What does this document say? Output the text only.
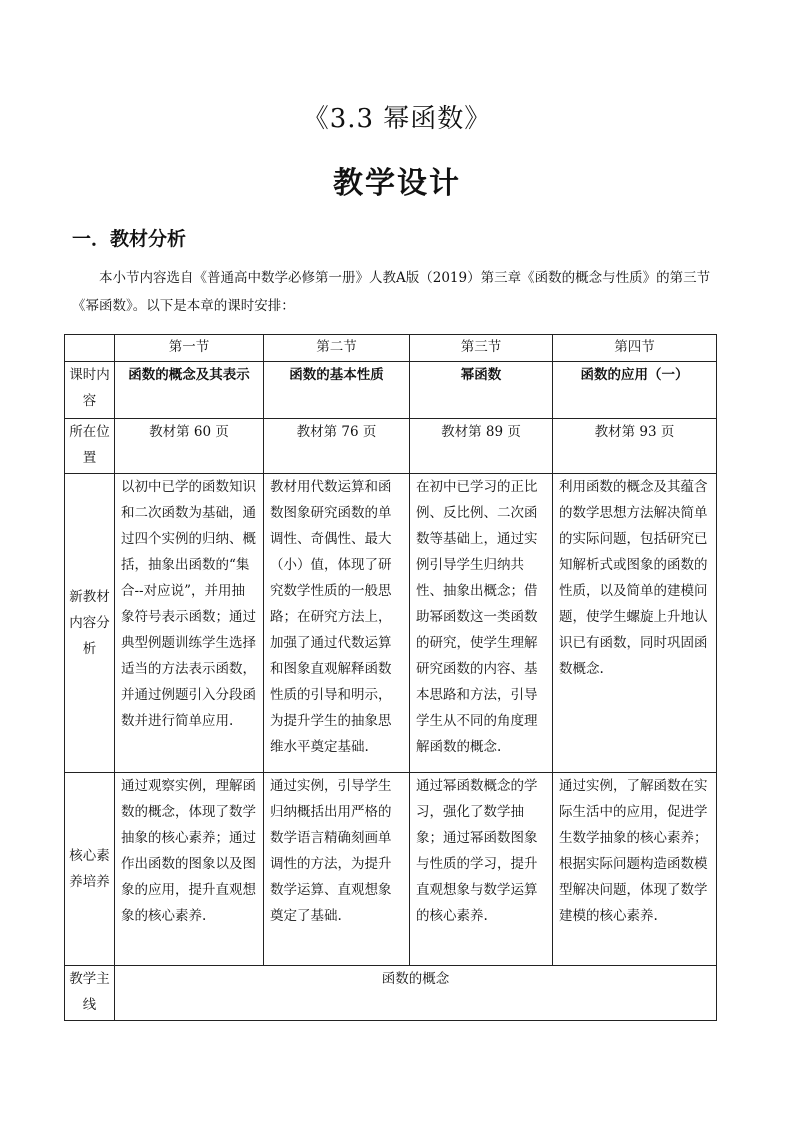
《3.3 幂函数》
教学设计
一．教材分析

本小节内容选自《普通高中数学必修第一册》人教A版（2019）第三章《函数的概念与性质》的第三节《幂函数》。以下是本章的课时安排：

	第一节	第二节	第三节	第四节
课时内容	函数的概念及其表示	函数的基本性质	幂函数	函数的应用（一）
所在位置	教材第 60 页	教材第 76 页	教材第 89 页	教材第 93 页
新教材内容分析	以初中已学的函数知识和二次函数为基础，通过四个实例的归纳、概括，抽象出函数的“集合--对应说”，并用抽象符号表示函数；通过典型例题训练学生选择适当的方法表示函数，并通过例题引入分段函数并进行简单应用.	教材用代数运算和函数图象研究函数的单调性、奇偶性、最大（小）值，体现了研究数学性质的一般思路；在研究方法上，加强了通过代数运算和图象直观解释函数性质的引导和明示，为提升学生的抽象思维水平奠定基础.	在初中已学习的正比例、反比例、二次函数等基础上，通过实例引导学生归纳共性、抽象出概念；借助幂函数这一类函数的研究，使学生理解研究函数的内容、基本思路和方法，引导学生从不同的角度理解函数的概念.	利用函数的概念及其蕴含的数学思想方法解决简单的实际问题，包括研究已知解析式或图象的函数的性质，以及简单的建模问题，使学生螺旋上升地认识已有函数，同时巩固函数概念.
核心素养培养	通过观察实例，理解函数的概念，体现了数学抽象的核心素养；通过作出函数的图象以及图象的应用，提升直观想象的核心素养.	通过实例，引导学生归纳概括出用严格的数学语言精确刻画单调性的方法，为提升数学运算、直观想象奠定了基础.	通过幂函数概念的学习，强化了数学抽象；通过幂函数图象与性质的学习，提升直观想象与数学运算的核心素养.	通过实例，了解函数在实际生活中的应用，促进学生数学抽象的核心素养；根据实际问题构造函数模型解决问题，体现了数学建模的核心素养.
教学主线	函数的概念			
